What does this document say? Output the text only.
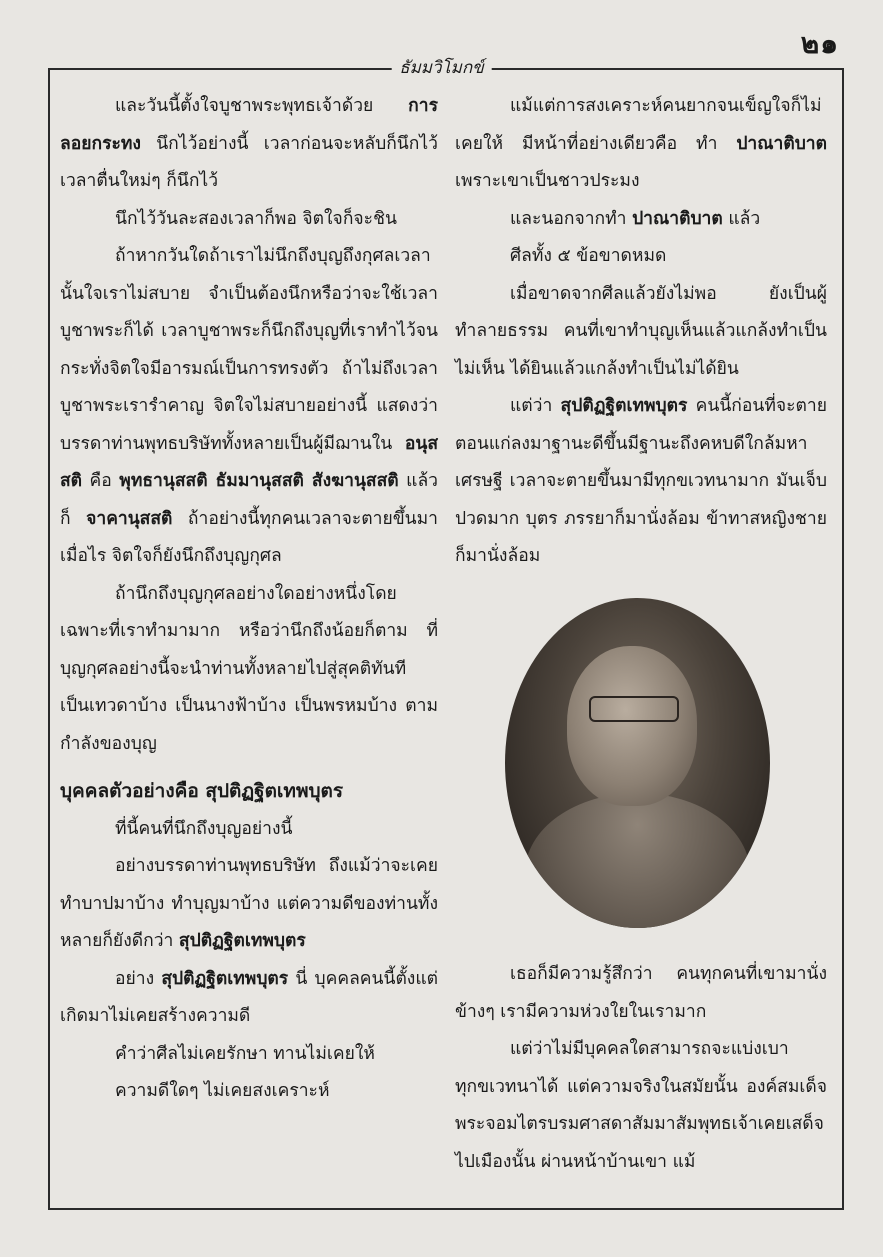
๒๑
ธัมมวิโมกข์

และวันนี้ตั้งใจบูชาพระพุทธเจ้าด้วย การลอยกระทง นึกไว้อย่างนี้ เวลาก่อนจะหลับก็นึกไว้ เวลาตื่นใหม่ๆ ก็นึกไว้

นึกไว้วันละสองเวลาก็พอ จิตใจก็จะชิน

ถ้าหากวันใดถ้าเราไม่นึกถึงบุญถึงกุศลเวลานั้นใจเราไม่สบาย จำเป็นต้องนึกหรือว่าจะใช้เวลาบูชาพระก็ได้ เวลาบูชาพระก็นึกถึงบุญที่เราทำไว้จนกระทั่งจิตใจมีอารมณ์เป็นการทรงตัว ถ้าไม่ถึงเวลาบูชาพระเรารำคาญ จิตใจไม่สบายอย่างนี้ แสดงว่าบรรดาท่านพุทธบริษัททั้งหลายเป็นผู้มีฌานใน อนุสสติ คือ พุทธานุสสติ ธัมมานุสสติ สังฆานุสสติ แล้วก็ จาคานุสสติ ถ้าอย่างนี้ทุกคนเวลาจะตายขึ้นมาเมื่อไร จิตใจก็ยังนึกถึงบุญกุศล

ถ้านึกถึงบุญกุศลอย่างใดอย่างหนึ่งโดยเฉพาะที่เราทำมามาก หรือว่านึกถึงน้อยก็ตาม ที่ บุญกุศลอย่างนี้จะนำท่านทั้งหลายไปสู่สุคติทันที เป็นเทวดาบ้าง เป็นนางฟ้าบ้าง เป็นพรหมบ้าง ตามกำลังของบุญ

บุคคลตัวอย่างคือ สุปติฏฐิตเทพบุตร

ที่นี้คนที่นึกถึงบุญอย่างนี้

อย่างบรรดาท่านพุทธบริษัท ถึงแม้ว่าจะเคยทำบาปมาบ้าง ทำบุญมาบ้าง แต่ความดีของท่านทั้งหลายก็ยังดีกว่า สุปติฏฐิตเทพบุตร

อย่าง สุปติฏฐิตเทพบุตร นี่ บุคคลคนนี้ตั้งแต่เกิดมาไม่เคยสร้างความดี

คำว่าศีลไม่เคยรักษา ทานไม่เคยให้

ความดีใดๆ ไม่เคยสงเคราะห์

แม้แต่การสงเคราะห์คนยากจนเข็ญใจก็ไม่เคยให้ มีหน้าที่อย่างเดียวคือ ทำ ปาณาติบาต เพราะเขาเป็นชาวประมง

และนอกจากทำ ปาณาติบาต แล้ว

ศีลทั้ง ๕ ข้อขาดหมด

เมื่อขาดจากศีลแล้วยังไม่พอ ยังเป็นผู้ทำลายธรรม คนที่เขาทำบุญเห็นแล้วแกล้งทำเป็นไม่เห็น ได้ยินแล้วแกล้งทำเป็นไม่ได้ยิน

แต่ว่า สุปติฏฐิตเทพบุตร คนนี้ก่อนที่จะตาย ตอนแก่ลงมาฐานะดีขึ้นมีฐานะถึงคหบดีใกล้มหาเศรษฐี เวลาจะตายขึ้นมามีทุกขเวทนามาก มันเจ็บปวดมาก บุตร ภรรยาก็มานั่งล้อม ข้าทาสหญิงชายก็มานั่งล้อม

เธอก็มีความรู้สึกว่า คนทุกคนที่เขามานั่งข้างๆ เรามีความห่วงใยในเรามาก

แต่ว่าไม่มีบุคคลใดสามารถจะแบ่งเบาทุกขเวทนาได้ แต่ความจริงในสมัยนั้น องค์สมเด็จพระจอมไตรบรมศาสดาสัมมาสัมพุทธเจ้าเคยเสด็จไปเมืองนั้น ผ่านหน้าบ้านเขา แม้
